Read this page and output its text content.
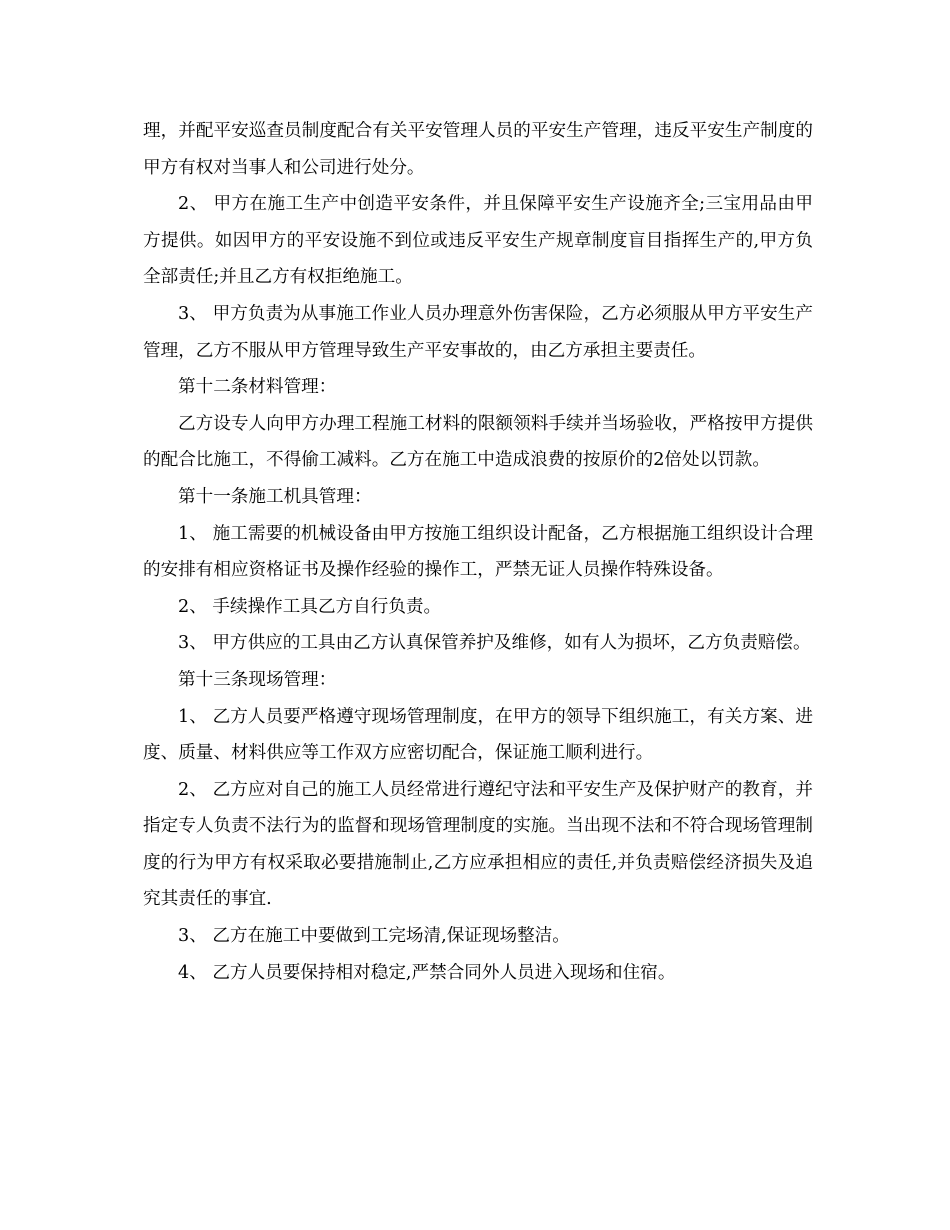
理，并配平安巡查员制度配合有关平安管理人员的平安生产管理，违反平安生产制度的甲方有权对当事人和公司进行处分。

2、 甲方在施工生产中创造平安条件，并且保障平安生产设施齐全;三宝用品由甲方提供。如因甲方的平安设施不到位或违反平安生产规章制度盲目指挥生产的,甲方负全部责任;并且乙方有权拒绝施工。

3、 甲方负责为从事施工作业人员办理意外伤害保险，乙方必须服从甲方平安生产管理，乙方不服从甲方管理导致生产平安事故的，由乙方承担主要责任。

第十二条材料管理：

乙方设专人向甲方办理工程施工材料的限额领料手续并当场验收，严格按甲方提供的配合比施工，不得偷工减料。乙方在施工中造成浪费的按原价的2倍处以罚款。

第十一条施工机具管理：

1、 施工需要的机械设备由甲方按施工组织设计配备，乙方根据施工组织设计合理的安排有相应资格证书及操作经验的操作工，严禁无证人员操作特殊设备。

2、 手续操作工具乙方自行负责。

3、 甲方供应的工具由乙方认真保管养护及维修，如有人为损坏，乙方负责赔偿。

第十三条现场管理：

1、 乙方人员要严格遵守现场管理制度，在甲方的领导下组织施工，有关方案、进度、质量、材料供应等工作双方应密切配合，保证施工顺利进行。

2、 乙方应对自己的施工人员经常进行遵纪守法和平安生产及保护财产的教育，并指定专人负责不法行为的监督和现场管理制度的实施。当出现不法和不符合现场管理制度的行为甲方有权采取必要措施制止,乙方应承担相应的责任,并负责赔偿经济损失及追究其责任的事宜.

3、 乙方在施工中要做到工完场清,保证现场整洁。

4、 乙方人员要保持相对稳定,严禁合同外人员进入现场和住宿。
